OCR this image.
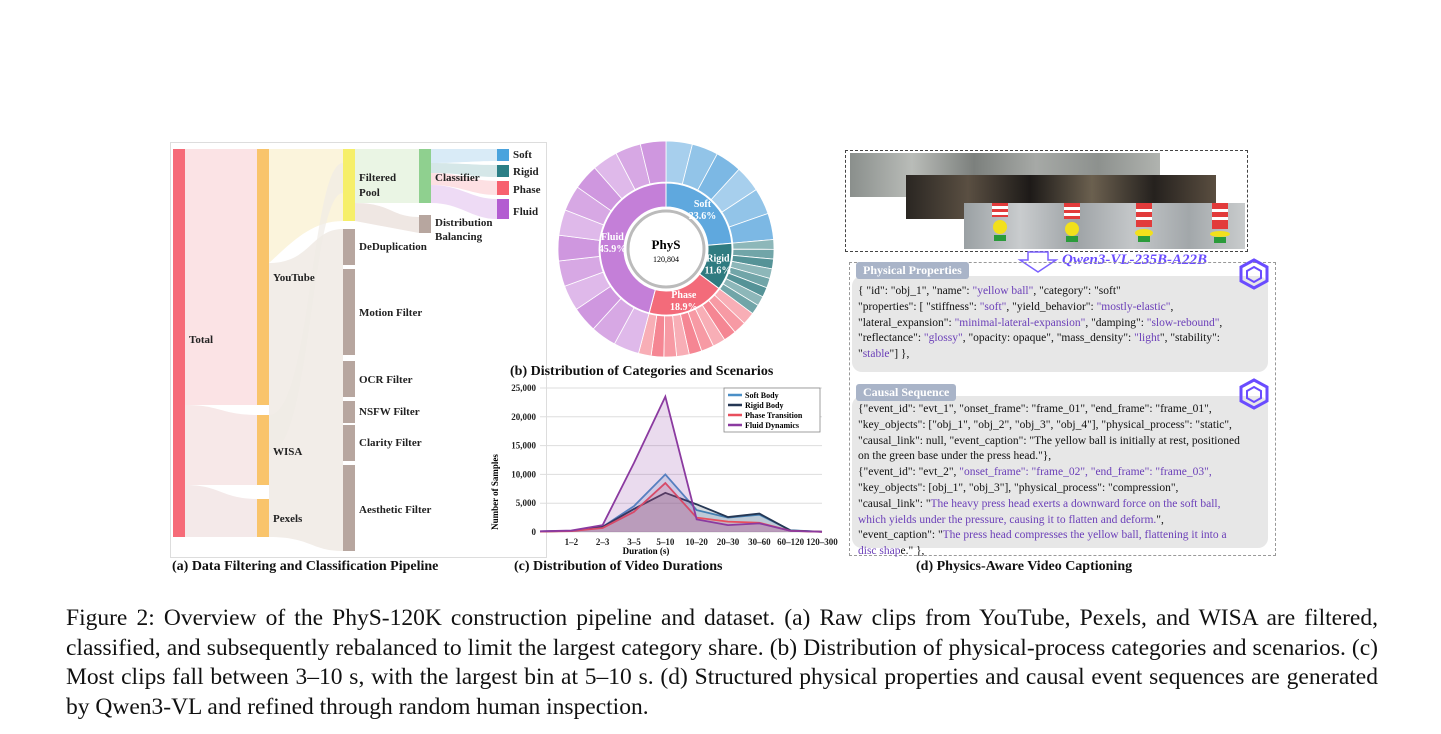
Total
YouTube
WISA
Pexels
Filtered
Pool
Classifier
Distribution
Balancing
DeDuplication
Motion Filter
OCR Filter
NSFW Filter
Clarity Filter
Aesthetic Filter
Soft
Rigid
Phase
Fluid
(a) Data Filtering and Classification Pipeline
PhyS
120,804
Soft
23.6%
Rigid
11.6%
Phase
18.9%
Fluid
45.9%
(b) Distribution of Categories and Scenarios
0
5,000
10,000
15,000
20,000
25,000
1–2 2–3 3–5 5–10 10–20 20–30 30–60 60–120 120–300
Number of Samples
Duration (s)
Soft Body
Rigid Body
Phase Transition
Fluid Dynamics
(c) Distribution of Video Durations
Qwen3-VL-235B-A22B
Physical Properties
{ "id": "obj_1", "name": "yellow ball", "category": "soft"
"properties": [ "stiffness": "soft", "yield_behavior": "mostly-elastic",
"lateral_expansion": "minimal-lateral-expansion", "damping": "slow-rebound",
"reflectance": "glossy", "opacity: opaque", "mass_density": "light", "stability":
"stable"] },
Causal Sequence
{"event_id": "evt_1", "onset_frame": "frame_01", "end_frame": "frame_01",
"key_objects": ["obj_1", "obj_2", "obj_3", "obj_4"], "physical_process": "static",
"causal_link": null, "event_caption": "The yellow ball is initially at rest, positioned
on the green base under the press head."},
{"event_id": "evt_2", "onset_frame": "frame_02", "end_frame": "frame_03",
"key_objects": [obj_1", "obj_3"], "physical_process": "compression",
"causal_link": "The heavy press head exerts a downward force on the soft ball,
which yields under the pressure, causing it to flatten and deform.",
"event_caption": "The press head compresses the yellow ball, flattening it into a
disc shape." },
(d) Physics-Aware Video Captioning
Figure 2: Overview of the PhyS-120K construction pipeline and dataset. (a) Raw clips from YouTube, Pexels, and WISA are filtered, classified, and subsequently rebalanced to limit the largest category share. (b) Distribution of physical-process categories and scenarios. (c) Most clips fall between 3–10 s, with the largest bin at 5–10 s. (d) Structured physical properties and causal event sequences are generated by Qwen3-VL and refined through random human inspection.
